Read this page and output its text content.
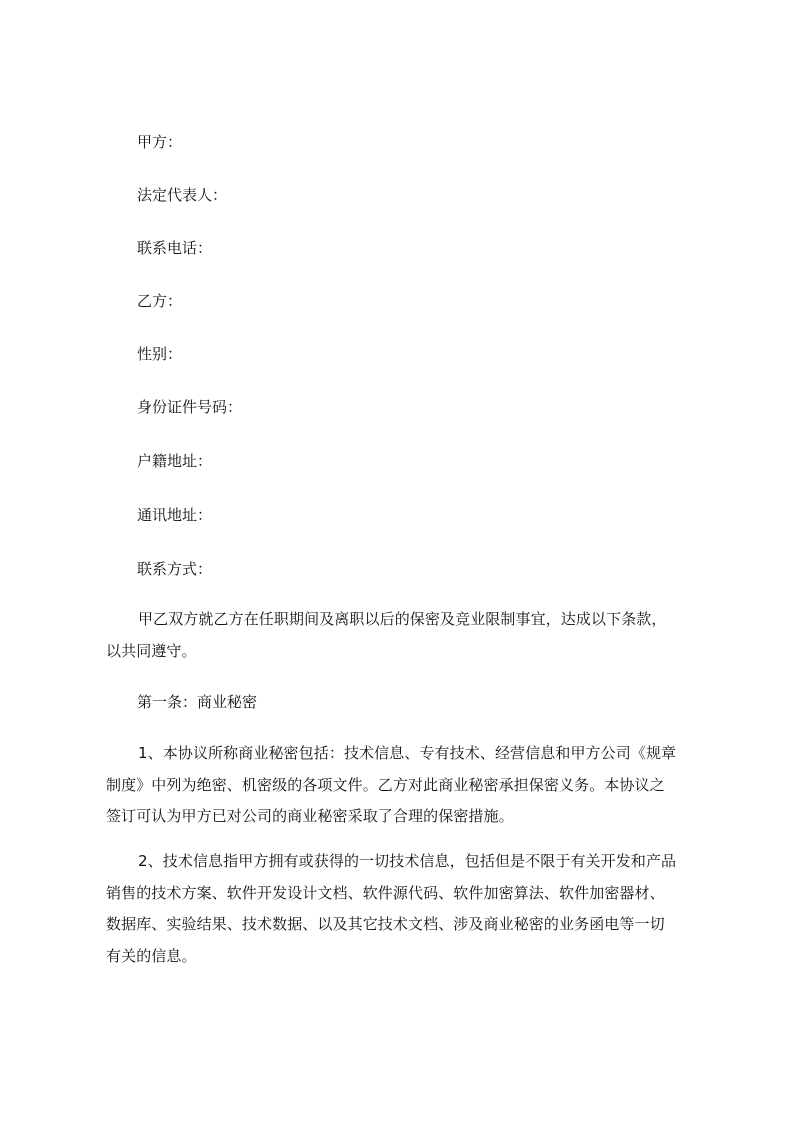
甲方：

法定代表人：

联系电话：

乙方：

性别：

身份证件号码：

户籍地址：

通讯地址：

联系方式：

甲乙双方就乙方在任职期间及离职以后的保密及竞业限制事宜，达成以下条款，
以共同遵守。

第一条：商业秘密

1、本协议所称商业秘密包括：技术信息、专有技术、经营信息和甲方公司《规章
制度》中列为绝密、机密级的各项文件。乙方对此商业秘密承担保密义务。本协议之
签订可认为甲方已对公司的商业秘密采取了合理的保密措施。
2、技术信息指甲方拥有或获得的一切技术信息，包括但是不限于有关开发和产品
销售的技术方案、软件开发设计文档、软件源代码、软件加密算法、软件加密器材、
数据库、实验结果、技术数据、以及其它技术文档、涉及商业秘密的业务函电等一切
有关的信息。
